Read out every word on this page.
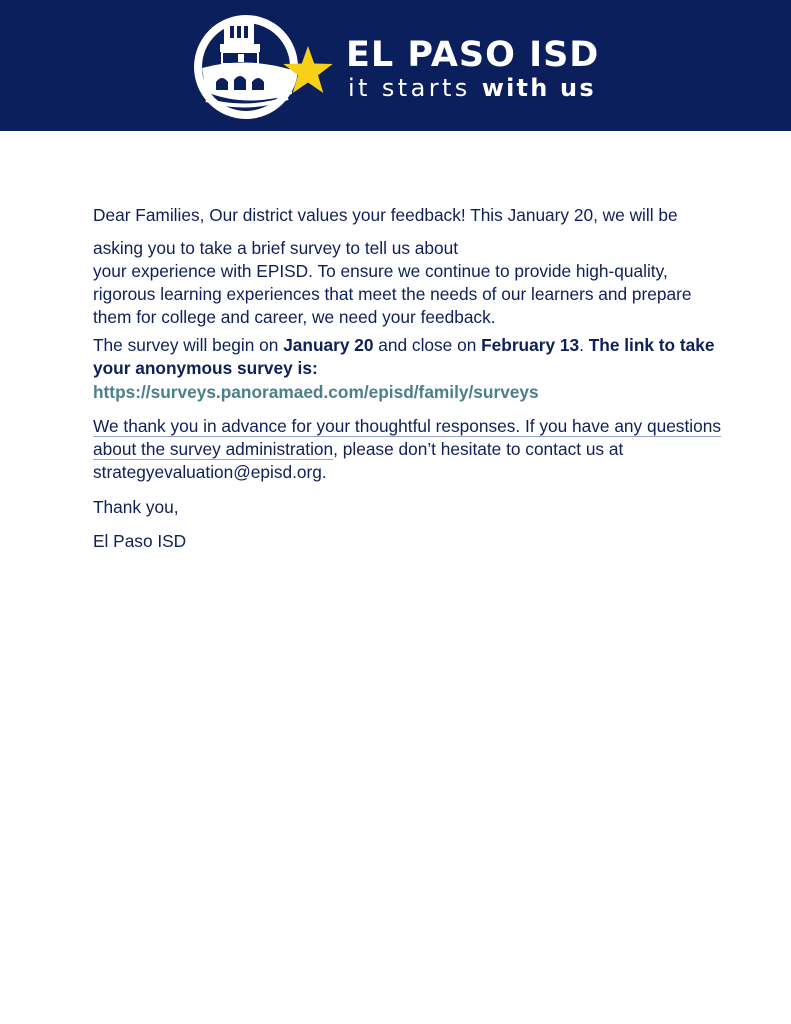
EL PASO ISD
it starts with us

Dear Families, Our district values your feedback! This January 20, we will be

asking you to take a brief survey to tell us about
your experience with EPISD. To ensure we continue to provide high-quality, rigorous learning experiences that meet the needs of our learners and prepare them for college and career, we need your feedback.

The survey will begin on January 20 and close on February 13. The link to take your anonymous survey is:

https://surveys.panoramaed.com/episd/family/surveys

We thank you in advance for your thoughtful responses. If you have any questions about the survey administration, please don’t hesitate to contact us at strategyevaluation@episd.org.

Thank you,

El Paso ISD
